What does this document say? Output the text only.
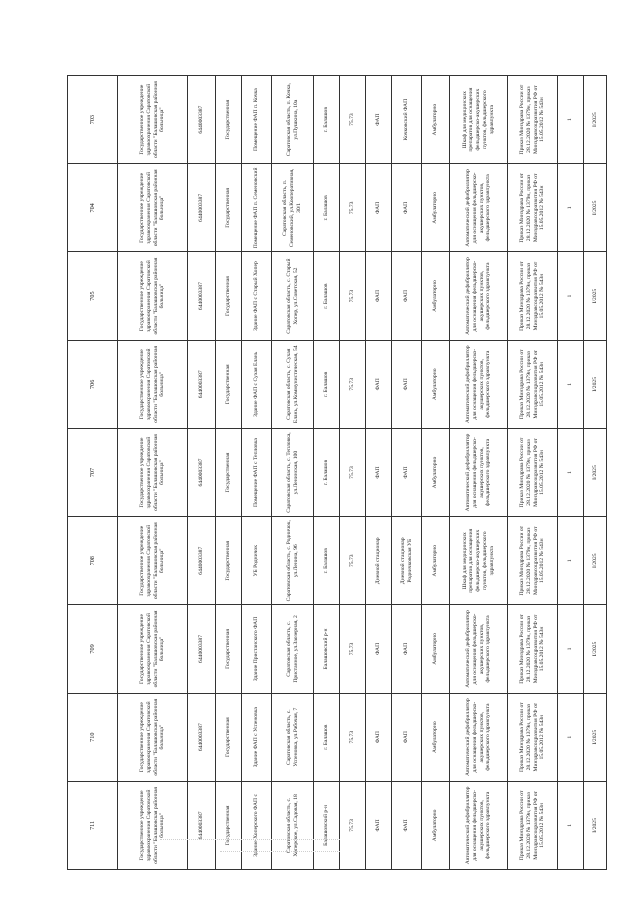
711	710	709	708	707	706	705	704	703
Государственное учреждение здравоохранения Саратовской области "Балашовская районная больница"	Государственное учреждение здравоохранения Саратовской области "Балашовская районная больница"	Государственное учреждение здравоохранения Саратовской области "Балашовская районная больница"	Государственное учреждение здравоохранения Саратовской области "Балашовская районная больница"	Государственное учреждение здравоохранения Саратовской области "Балашовская районная больница"	Государственное учреждение здравоохранения Саратовской области "Балашовская районная больница"	Государственное учреждение здравоохранения Саратовской области "Балашовская районная больница"	Государственное учреждение здравоохранения Саратовской области "Балашовская районная больница"	Государственное учреждение здравоохранения Саратовской области "Балашовская районная больница"
6440003387	6440003387	6440003387	6440003387	6440003387	6440003387	6440003387	6440003387	6440003387
Государственная	Государственная	Государственная	Государственная	Государственная	Государственная	Государственная	Государственная	Государственная
Здание Хоперского ФАП с	Здание ФАП с Успеновка	Здание Пристанского ФАП	УБ Родничок	Помещение ФАП с Тепловка	Здание ФАП с Сухая Елань	Здание ФАП с Старый Хопер	Помещение ФАП п. Семеновский	Помещение ФАП п. Кочка
Саратовская область, с. Хоперское, ул.Садовая, 18	Саратовская область, с. Успеновка, ул.Рабочая, 7	Саратовская область, с. Пристанное, ул.Заозерная, 2	Саратовская область, с. Родничок, ул.Ленина, 96	Саратовская область, с. Тепловка, ул.Ленинская, 100	Саратовская область, с. Сухая Елань, ул.Коммунистическая, 54	Саратовская область, с. Старый Хопер, ул.Советская, 52	Саратовская область, п. Семеновский, ул.Кооперативная, 30/1	Саратовская область, п. Кочка, ул.Пушкина, 10а
Балашовский р-н	г. Балашов	Балашовский р-н	г. Балашов	г. Балашов	г. Балашов	г. Балашов	г. Балашов	г. Балашов
75.73	75.73	75.73	75.73	75.73	75.73	75.73	75.73	75.73
ФАП	ФАП	ФАП	Дневной стационар	ФАП	ФАП	ФАП	ФАП	ФАП
ФАП	ФАП	ФАП	Дневной стационар Родничковская УБ	ФАП	ФАП	ФАП	ФАП	Кочковский ФАП
Амбулаторно	Амбулаторно	Амбулаторно	Амбулаторно	Амбулаторно	Амбулаторно	Амбулаторно	Амбулаторно	Амбулаторно
Автоматический дефибриллятор для оснащения фельдшерско-акушерских пунктов, фельдшерского здравпункта	Автоматический дефибриллятор для оснащения фельдшерско-акушерских пунктов, фельдшерского здравпункта	Автоматический дефибриллятор для оснащения фельдшерско-акушерских пунктов, фельдшерского здравпункта	Шкаф для медицинских препаратов для оснащения фельдшерско-акушерских пунктов, фельдшерского здравпункта	Автоматический дефибриллятор для оснащения фельдшерско-акушерских пунктов, фельдшерского здравпункта	Автоматический дефибриллятор для оснащения фельдшерско-акушерских пунктов, фельдшерского здравпункта	Автоматический дефибриллятор для оснащения фельдшерско-акушерских пунктов, фельдшерского здравпункта	Автоматический дефибриллятор для оснащения фельдшерско-акушерских пунктов, фельдшерского здравпункта	Шкаф для медицинских препаратов для оснащения фельдшерско-акушерских пунктов, фельдшерского здравпункта
Приказ Минздрава России от 28.12.2020 № 1379н, приказ Минздравсоцразвития РФ от 15.05.2012 № 543н	Приказ Минздрава России от 28.12.2020 № 1379н, приказ Минздравсоцразвития РФ от 15.05.2012 № 543н	Приказ Минздрава России от 28.12.2020 № 1379н, приказ Минздравсоцразвития РФ от 15.05.2012 № 543н	Приказ Минздрава России от 28.12.2020 № 1379н, приказ Минздравсоцразвития РФ от 15.05.2012 № 543н	Приказ Минздрава России от 28.12.2020 № 1379н, приказ Минздравсоцразвития РФ от 15.05.2012 № 543н	Приказ Минздрава России от 28.12.2020 № 1379н, приказ Минздравсоцразвития РФ от 15.05.2012 № 543н	Приказ Минздрава России от 28.12.2020 № 1379н, приказ Минздравсоцразвития РФ от 15.05.2012 № 543н	Приказ Минздрава России от 28.12.2020 № 1379н, приказ Минздравсоцразвития РФ от 15.05.2012 № 543н	Приказ Минздрава России от 28.12.2020 № 1379н, приказ Минздравсоцразвития РФ от 15.05.2012 № 543н
1	1	1	1	1	1	1	1	1
I/2025	I/2025	I/2025	I/2025	I/2025	I/2025	I/2025	I/2025	I/2025
